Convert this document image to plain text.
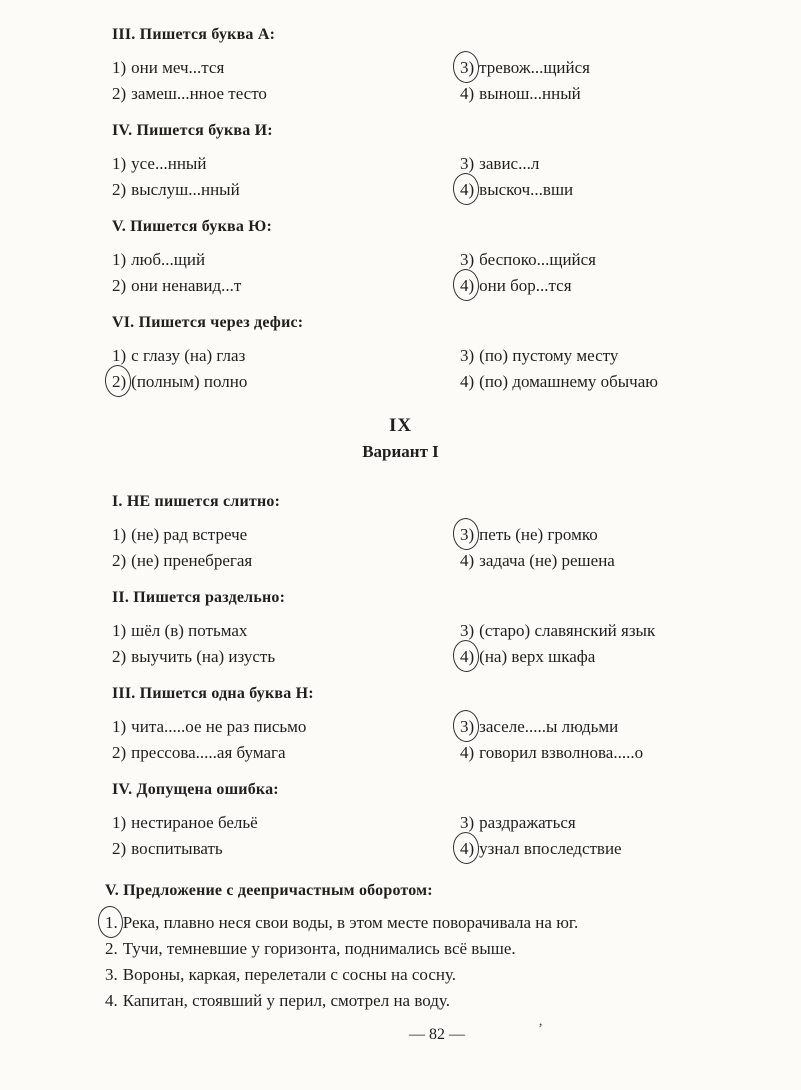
III. Пишется буква А:
1) они меч...тся
2) замеш...нное тесто
3) тревож...щийся
4) вынош...нный
IV. Пишется буква И:
1) усе...нный
2) выслуш...нный
3) завис...л
4) выскоч...вши
V. Пишется буква Ю:
1) люб...щий
2) они ненавид...т
3) беспоко...щийся
4) они бор...тся
VI. Пишется через дефис:
1) с глазу (на) глаз
2) (полным) полно
3) (по) пустому месту
4) (по) домашнему обычаю
IX
Вариант I
I. НЕ пишется слитно:
1) (не) рад встрече
2) (не) пренебрегая
3) петь (не) громко
4) задача (не) решена
II. Пишется раздельно:
1) шёл (в) потьмах
2) выучить (на) изусть
3) (старо) славянский язык
4) (на) верх шкафа
III. Пишется одна буква Н:
1) чита.....ое не раз письмо
2) прессова.....ая бумага
3) заселе.....ы людьми
4) говорил взволнова.....о
IV. Допущена ошибка:
1) нестираное бельё
2) воспитывать
3) раздражаться
4) узнал впоследствие
V. Предложение с деепричастным оборотом:
1. Река, плавно неся свои воды, в этом месте поворачивала на юг.
2. Тучи, темневшие у горизонта, поднимались всё выше.
3. Вороны, каркая, перелетали с сосны на сосну.
4. Капитан, стоявший у перил, смотрел на воду.
— 82 —	’
